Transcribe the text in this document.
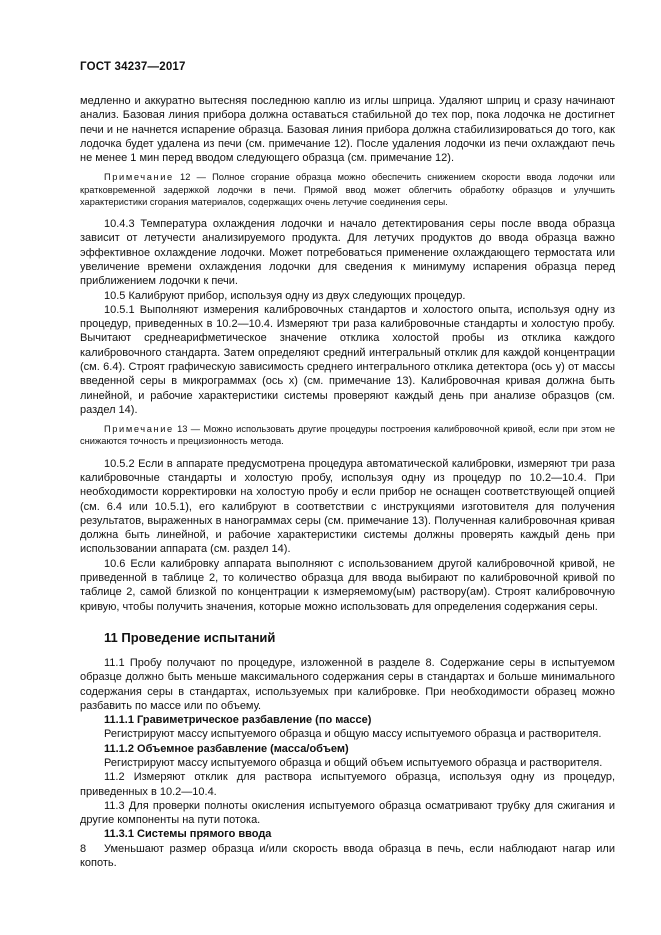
ГОСТ 34237—2017

медленно и аккуратно вытесняя последнюю каплю из иглы шприца. Удаляют шприц и сразу начинают анализ. Базовая линия прибора должна оставаться стабильной до тех пор, пока лодочка не достигнет печи и не начнется испарение образца. Базовая линия прибора должна стабилизироваться до того, как лодочка будет удалена из печи (см. примечание 12). После удаления лодочки из печи охлаждают печь не менее 1 мин перед вводом следующего образца (см. примечание 12).

Примечание 12 — Полное сгорание образца можно обеспечить снижением скорости ввода лодочки или кратковременной задержкой лодочки в печи. Прямой ввод может облегчить обработку образцов и улучшить характеристики сгорания материалов, содержащих очень летучие соединения серы.

10.4.3 Температура охлаждения лодочки и начало детектирования серы после ввода образца зависит от летучести анализируемого продукта. Для летучих продуктов до ввода образца важно эффективное охлаждение лодочки. Может потребоваться применение охлаждающего термостата или увеличение времени охлаждения лодочки для сведения к минимуму испарения образца перед приближением лодочки к печи.

10.5 Калибруют прибор, используя одну из двух следующих процедур.

10.5.1 Выполняют измерения калибровочных стандартов и холостого опыта, используя одну из процедур, приведенных в 10.2—10.4. Измеряют три раза калибровочные стандарты и холостую пробу. Вычитают среднеарифметическое значение отклика холостой пробы из отклика каждого калибровочного стандарта. Затем определяют средний интегральный отклик для каждой концентрации (см. 6.4). Строят графическую зависимость среднего интегрального отклика детектора (ось y) от массы введенной серы в микрограммах (ось x) (см. примечание 13). Калибровочная кривая должна быть линейной, и рабочие характеристики системы проверяют каждый день при анализе образцов (см. раздел 14).

Примечание 13 — Можно использовать другие процедуры построения калибровочной кривой, если при этом не снижаются точность и прецизионность метода.

10.5.2 Если в аппарате предусмотрена процедура автоматической калибровки, измеряют три раза калибровочные стандарты и холостую пробу, используя одну из процедур по 10.2—10.4. При необходимости корректировки на холостую пробу и если прибор не оснащен соответствующей опцией (см. 6.4 или 10.5.1), его калибруют в соответствии с инструкциями изготовителя для получения результатов, выраженных в нанограммах серы (см. примечание 13). Полученная калибровочная кривая должна быть линейной, и рабочие характеристики системы должны проверять каждый день при использовании аппарата (см. раздел 14).

10.6 Если калибровку аппарата выполняют с использованием другой калибровочной кривой, не приведенной в таблице 2, то количество образца для ввода выбирают по калибровочной кривой по таблице 2, самой близкой по концентрации к измеряемому(ым) раствору(ам). Строят калибровочную кривую, чтобы получить значения, которые можно использовать для определения содержания серы.

11 Проведение испытаний

11.1 Пробу получают по процедуре, изложенной в разделе 8. Содержание серы в испытуемом образце должно быть меньше максимального содержания серы в стандартах и больше минимального содержания серы в стандартах, используемых при калибровке. При необходимости образец можно разбавить по массе или по объему.

11.1.1 Гравиметрическое разбавление (по массе)

Регистрируют массу испытуемого образца и общую массу испытуемого образца и растворителя.

11.1.2 Объемное разбавление (масса/объем)

Регистрируют массу испытуемого образца и общий объем испытуемого образца и растворителя.

11.2 Измеряют отклик для раствора испытуемого образца, используя одну из процедур, приведенных в 10.2—10.4.

11.3 Для проверки полноты окисления испытуемого образца осматривают трубку для сжигания и другие компоненты на пути потока.

11.3.1 Системы прямого ввода

Уменьшают размер образца и/или скорость ввода образца в печь, если наблюдают нагар или копоть.

8
